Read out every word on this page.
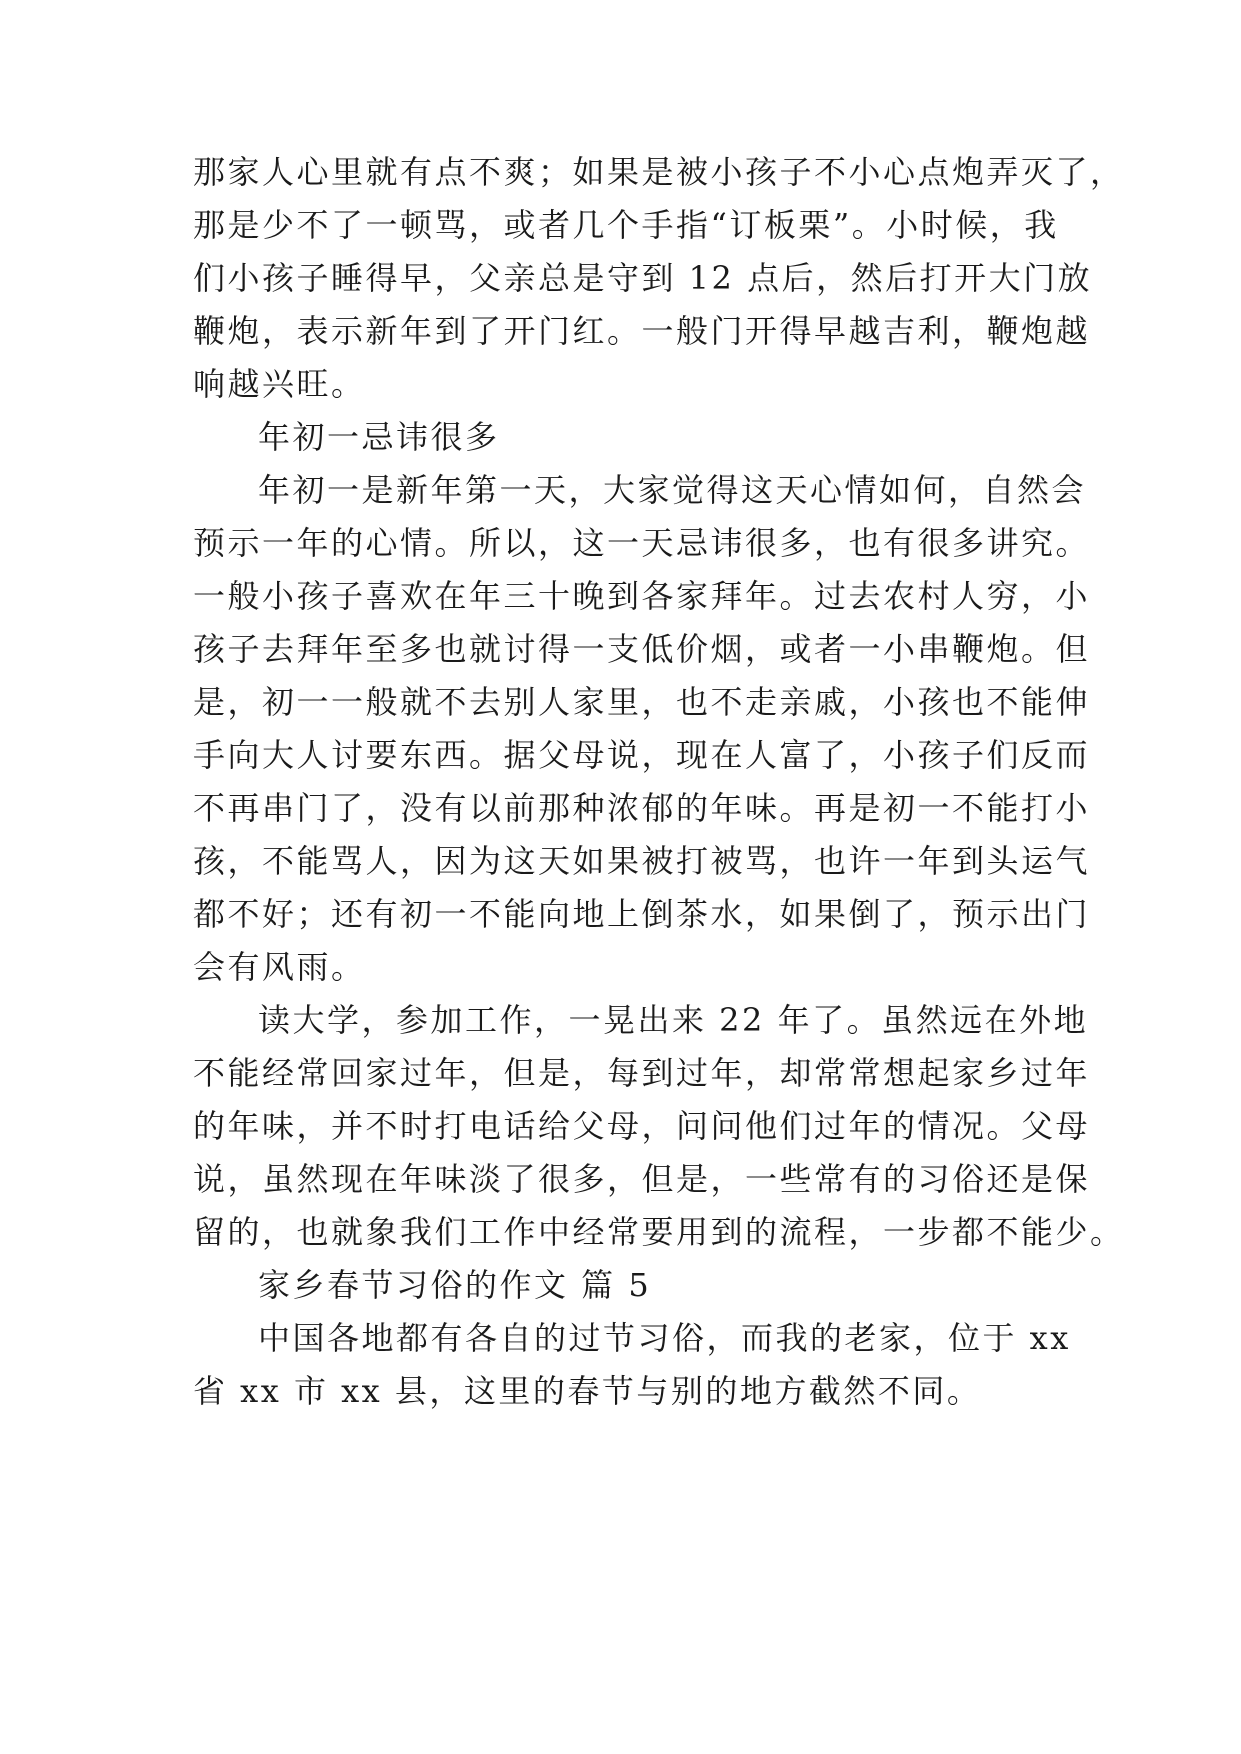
那家人心里就有点不爽；如果是被小孩子不小心点炮弄灭了，
那是少不了一顿骂，或者几个手指“订板栗”。小时候，我
们小孩子睡得早，父亲总是守到 12 点后，然后打开大门放
鞭炮，表示新年到了开门红。一般门开得早越吉利，鞭炮越
响越兴旺。
年初一忌讳很多
年初一是新年第一天，大家觉得这天心情如何，自然会
预示一年的心情。所以，这一天忌讳很多，也有很多讲究。
一般小孩子喜欢在年三十晚到各家拜年。过去农村人穷，小
孩子去拜年至多也就讨得一支低价烟，或者一小串鞭炮。但
是，初一一般就不去别人家里，也不走亲戚，小孩也不能伸
手向大人讨要东西。据父母说，现在人富了，小孩子们反而
不再串门了，没有以前那种浓郁的年味。再是初一不能打小
孩，不能骂人，因为这天如果被打被骂，也许一年到头运气
都不好；还有初一不能向地上倒茶水，如果倒了，预示出门
会有风雨。
读大学，参加工作，一晃出来 22 年了。虽然远在外地
不能经常回家过年，但是，每到过年，却常常想起家乡过年
的年味，并不时打电话给父母，问问他们过年的情况。父母
说，虽然现在年味淡了很多，但是，一些常有的习俗还是保
留的，也就象我们工作中经常要用到的流程，一步都不能少。
家乡春节习俗的作文 篇 5
中国各地都有各自的过节习俗，而我的老家，位于 xx
省 xx 市 xx 县，这里的春节与别的地方截然不同。
